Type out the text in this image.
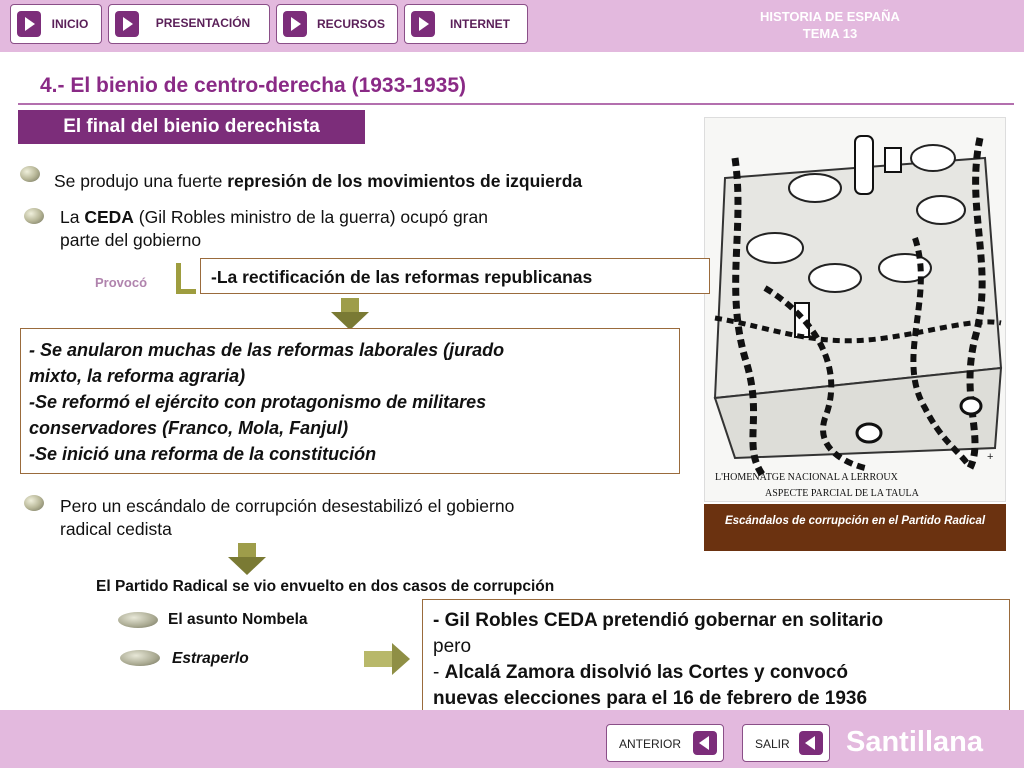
INICIO	PRESENTACIÓN	RECURSOS	INTERNET	HISTORIA DE ESPAÑA
TEMA 13
4.- El bienio de centro-derecha (1933-1935)
El final del bienio derechista
+
L'HOMENATGE NACIONAL A LERROUX
ASPECTE PARCIAL DE LA TAULA
Escándalos de corrupción en el Partido Radical
Se produjo una fuerte represión de los movimientos de izquierda
La CEDA (Gil Robles ministro de la guerra) ocupó gran
parte del gobierno
Provocó	-La rectificación de las reformas republicanas
- Se anularon muchas de las reformas laborales (jurado
mixto, la reforma agraria)
-Se reformó el ejército con protagonismo de militares
conservadores (Franco, Mola, Fanjul)
-Se inició una reforma de la constitución
Pero un escándalo de corrupción desestabilizó el gobierno
radical cedista
El Partido Radical se vio envuelto en dos casos de corrupción
El asunto Nombela
Estraperlo
- Gil Robles CEDA pretendió gobernar en solitario
pero
- Alcalá Zamora disolvió las Cortes y convocó
nuevas elecciones para el 16 de febrero de 1936
ANTERIOR	SALIR Santillana
